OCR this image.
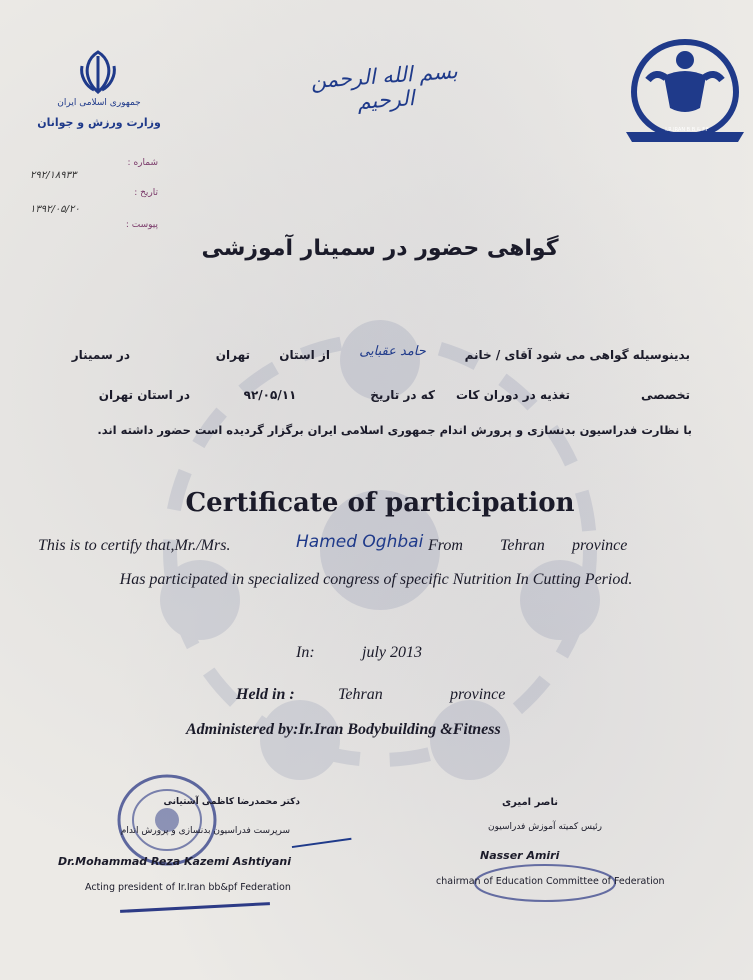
جمهوری اسلامی ایران
وزارت ورزش و جوانان
شماره :
۲۹۲/۱۸۹۳۳
تاریخ :
۱۳۹۲/۰۵/۲۰
پیوست :
بسم الله الرحمن الرحيم
I.R.IRAN B.B.& F.F
گواهی حضور در سمینار آموزشی
بدینوسیله گواهی می شود آقای / خانم
حامد عقبایی
از استان
تهران
در سمینار
تخصصی
تغذیه در دوران کات
که در تاریخ
۹۲/۰۵/۱۱
در استان تهران
با نظارت فدراسیون بدنسازی و پرورش اندام جمهوری اسلامی ایران برگزار گردیده است حضور داشته اند.
Certificate of participation
This is to certify that,Mr./Mrs.	Hamed Oghbai From	Tehran	province
Has participated in specialized congress of specific Nutrition In Cutting Period.
In:	july 2013
Held in :	Tehran	province
Administered by:Ir.Iran Bodybuilding &Fitness
دکتر محمدرضا کاظمی آشتیانی
سرپرست فدراسیون بدنسازی و پرورش اندام
Dr.Mohammad Reza Kazemi Ashtiyani
Acting president of Ir.Iran bb&pf Federation
ناصر امیری
رئیس کمیته آموزش فدراسیون
Nasser Amiri
chairman of Education Committee of Federation
